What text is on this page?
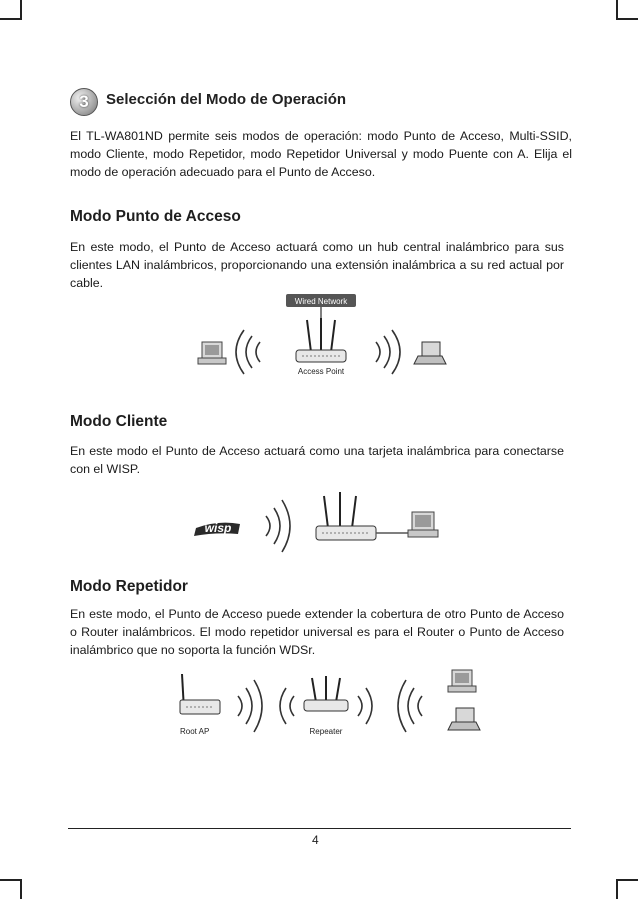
3	Selección del Modo de Operación

El TL-WA801ND permite seis modos de operación: modo Punto de Acceso, Multi-SSID, modo Cliente, modo Repetidor, modo Repetidor Universal y modo Puente con A. Elija el modo de operación adecuado para el Punto de Acceso.

Modo Punto de Acceso

En este modo, el Punto de Acceso actuará como un hub central inalámbrico para sus clientes LAN inalámbricos, proporcionando una extensión inalámbrica a su red actual por cable.

Wired Network
Access Point
Modo Cliente

En este modo el Punto de Acceso actuará como una tarjeta inalámbrica para conectarse con el WISP.

wisp
Modo Repetidor

En este modo, el Punto de Acceso puede extender la cobertura de otro Punto de Acceso o Router inalámbricos. El modo repetidor universal es para el Router o Punto de Acceso inalámbrico que no soporta la función WDSr.

Root AP	Repeater
4
